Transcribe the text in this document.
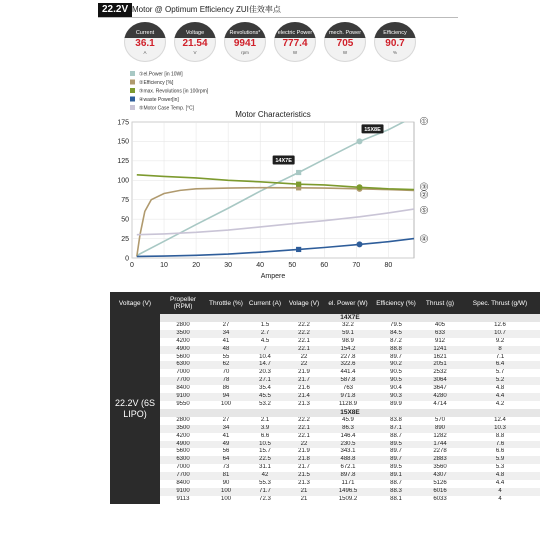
22.2V Motor @ Optimum Efficiency ZUI佳效率点
Current
36.1
A
Voltage
21.54
V
Revolutions*
9941
rpm
electric Power
777.4
W
mech. Power
705
W
Efficiency
90.7
%
①el.Power [in 10W]
②Efficiency [%]
③max. Revolutions [in 100rpm]
④waste Power[in]
⑤Motor Case Temp. [°C]
Motor Characteristics
0
25
50
75
100
125
150
175
0	10	20	30	40	50	60	70	80
Ampere
14X7E
15X8E
①
②
③
④
⑤
Voltage (V)	Propeller (RPM)	Throttle (%)	Current (A)	Volage (V)	el. Power (W)	Efficiency (%)	Thrust (g)	Spec. Thrust (g/W)
22.2V (6S LIPO)	14X7E							
	2800	27	1.5	22.2	32.2	79.5	405	12.6
	3500	34	2.7	22.2	59.1	84.5	633	10.7
	4200	41	4.5	22.1	98.9	87.2	912	9.2
	4900	48	7	22.1	154.2	88.8	1241	8
	5600	55	10.4	22	227.8	89.7	1621	7.1
	6300	62	14.7	22	322.6	90.2	2051	6.4
	7000	70	20.3	21.9	441.4	90.5	2532	5.7
	7700	78	27.1	21.7	587.8	90.5	3064	5.2
	8400	86	35.4	21.6	763	90.4	3647	4.8
	9100	94	45.5	21.4	971.8	90.3	4280	4.4
	9550	100	53.2	21.3	1128.9	89.9	4714	4.2
	15X8E							
	2800	27	2.1	22.2	45.9	83.8	570	12.4
	3500	34	3.9	22.1	86.3	87.1	890	10.3
	4200	41	6.6	22.1	146.4	88.7	1282	8.8
	4900	49	10.5	22	230.5	89.5	1744	7.6
	5600	56	15.7	21.9	343.1	89.7	2278	6.6
	6300	64	22.5	21.8	488.8	89.7	2883	5.9
	7000	73	31.1	21.7	672.1	89.5	3560	5.3
	7700	81	42	21.5	897.8	89.1	4307	4.8
	8400	90	55.3	21.3	1171	88.7	5126	4.4
	9100	100	71.7	21	1496.5	88.3	6016	4
	9113	100	72.3	21	1509.2	88.1	6033	4
